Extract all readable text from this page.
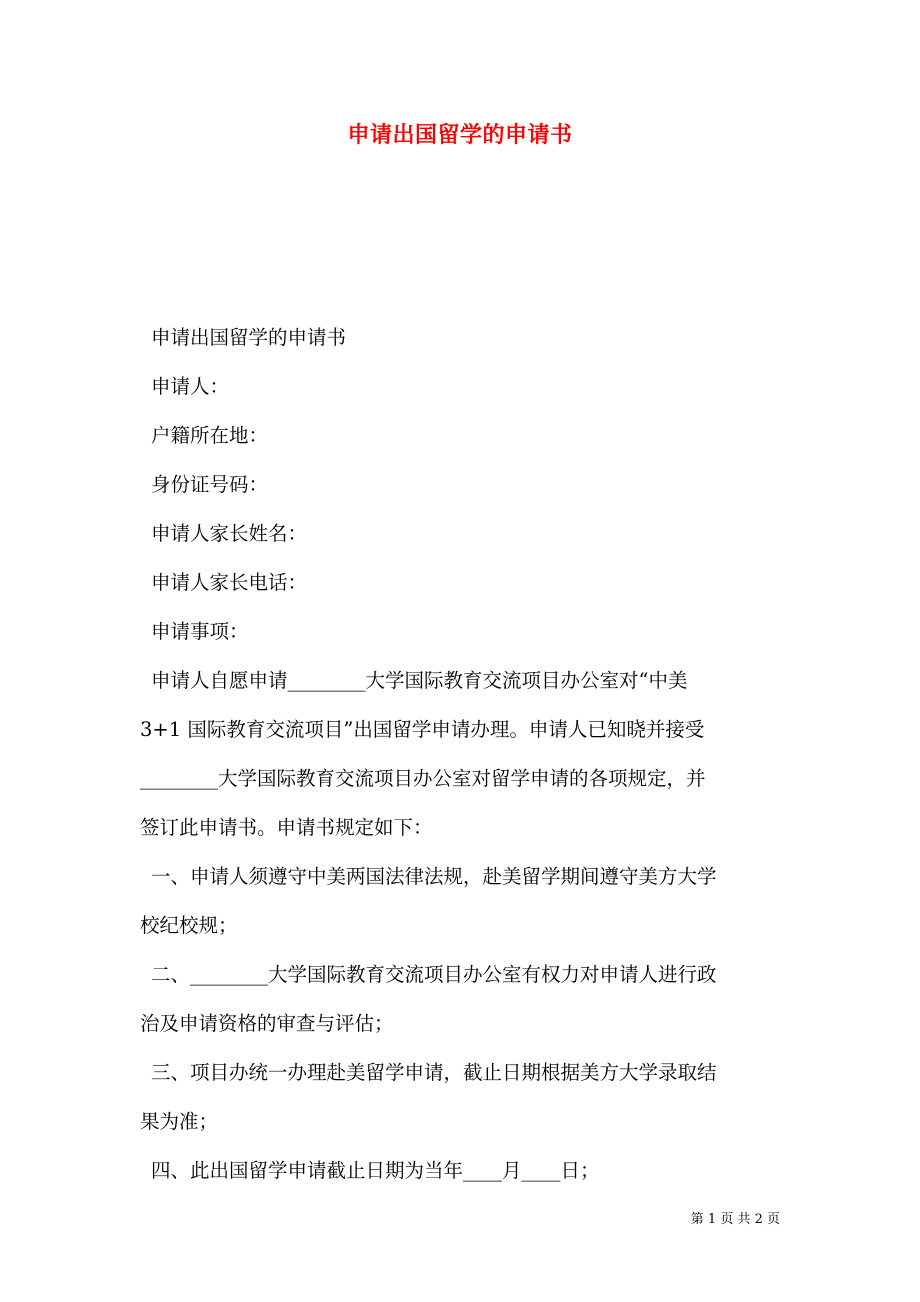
申请出国留学的申请书
申请出国留学的申请书
申请人：
户籍所在地：
身份证号码：
申请人家长姓名：
申请人家长电话：
申请事项：
申请人自愿申请________大学国际教育交流项目办公室对“中美
3+1 国际教育交流项目”出国留学申请办理。申请人已知晓并接受
________大学国际教育交流项目办公室对留学申请的各项规定，并
签订此申请书。申请书规定如下：
一、申请人须遵守中美两国法律法规，赴美留学期间遵守美方大学
校纪校规；
二、________大学国际教育交流项目办公室有权力对申请人进行政
治及申请资格的审查与评估；
三、项目办统一办理赴美留学申请，截止日期根据美方大学录取结
果为准；
四、此出国留学申请截止日期为当年____月____日；
第 1 页 共 2 页
